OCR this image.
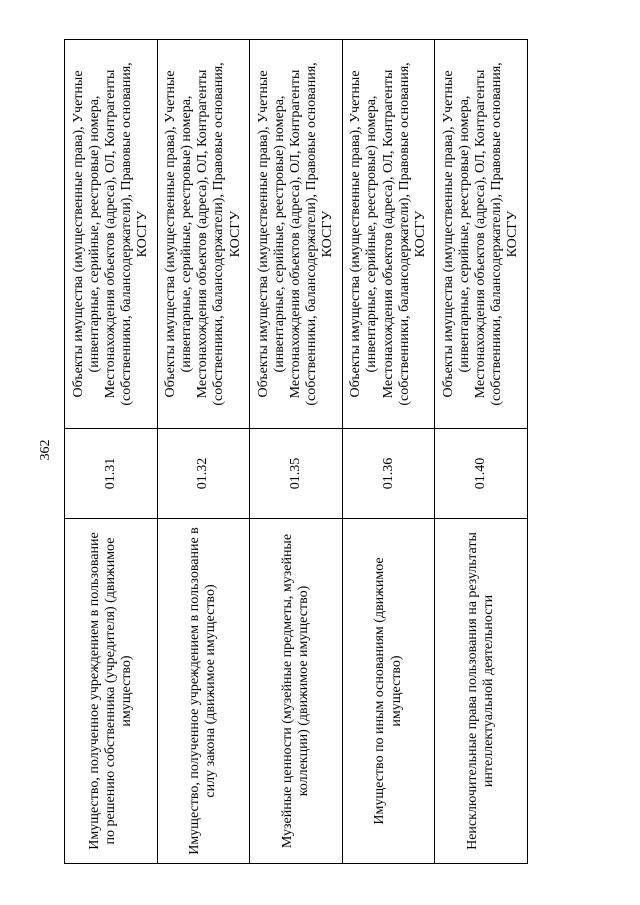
362
Имущество, полученное учреждением в пользование по решению собственника (учредителя) (движимое имущество)	01.31	Объекты имущества (имущественные права), Учетные (инвентарные, серийные, реестровые) номера, Местонахождения объектов (адреса), ОЛ, Контрагенты (собственники, балансодержатели), Правовые основания, КОСГУ
Имущество, полученное учреждением в пользование в силу закона (движимое имущество)	01.32	Объекты имущества (имущественные права), Учетные (инвентарные, серийные, реестровые) номера, Местонахождения объектов (адреса), ОЛ, Контрагенты (собственники, балансодержатели), Правовые основания, КОСГУ
Музейные ценности (музейные предметы, музейные коллекции) (движимое имущество)	01.35	Объекты имущества (имущественные права), Учетные (инвентарные, серийные, реестровые) номера, Местонахождения объектов (адреса), ОЛ, Контрагенты (собственники, балансодержатели), Правовые основания, КОСГУ
Имущество по иным основаниям (движимое имущество)	01.36	Объекты имущества (имущественные права), Учетные (инвентарные, серийные, реестровые) номера, Местонахождения объектов (адреса), ОЛ, Контрагенты (собственники, балансодержатели), Правовые основания, КОСГУ
Неисключительные права пользования на результаты интеллектуальной деятельности	01.40	Объекты имущества (имущественные права), Учетные (инвентарные, серийные, реестровые) номера, Местонахождения объектов (адреса), ОЛ, Контрагенты (собственники, балансодержатели), Правовые основания, КОСГУ
